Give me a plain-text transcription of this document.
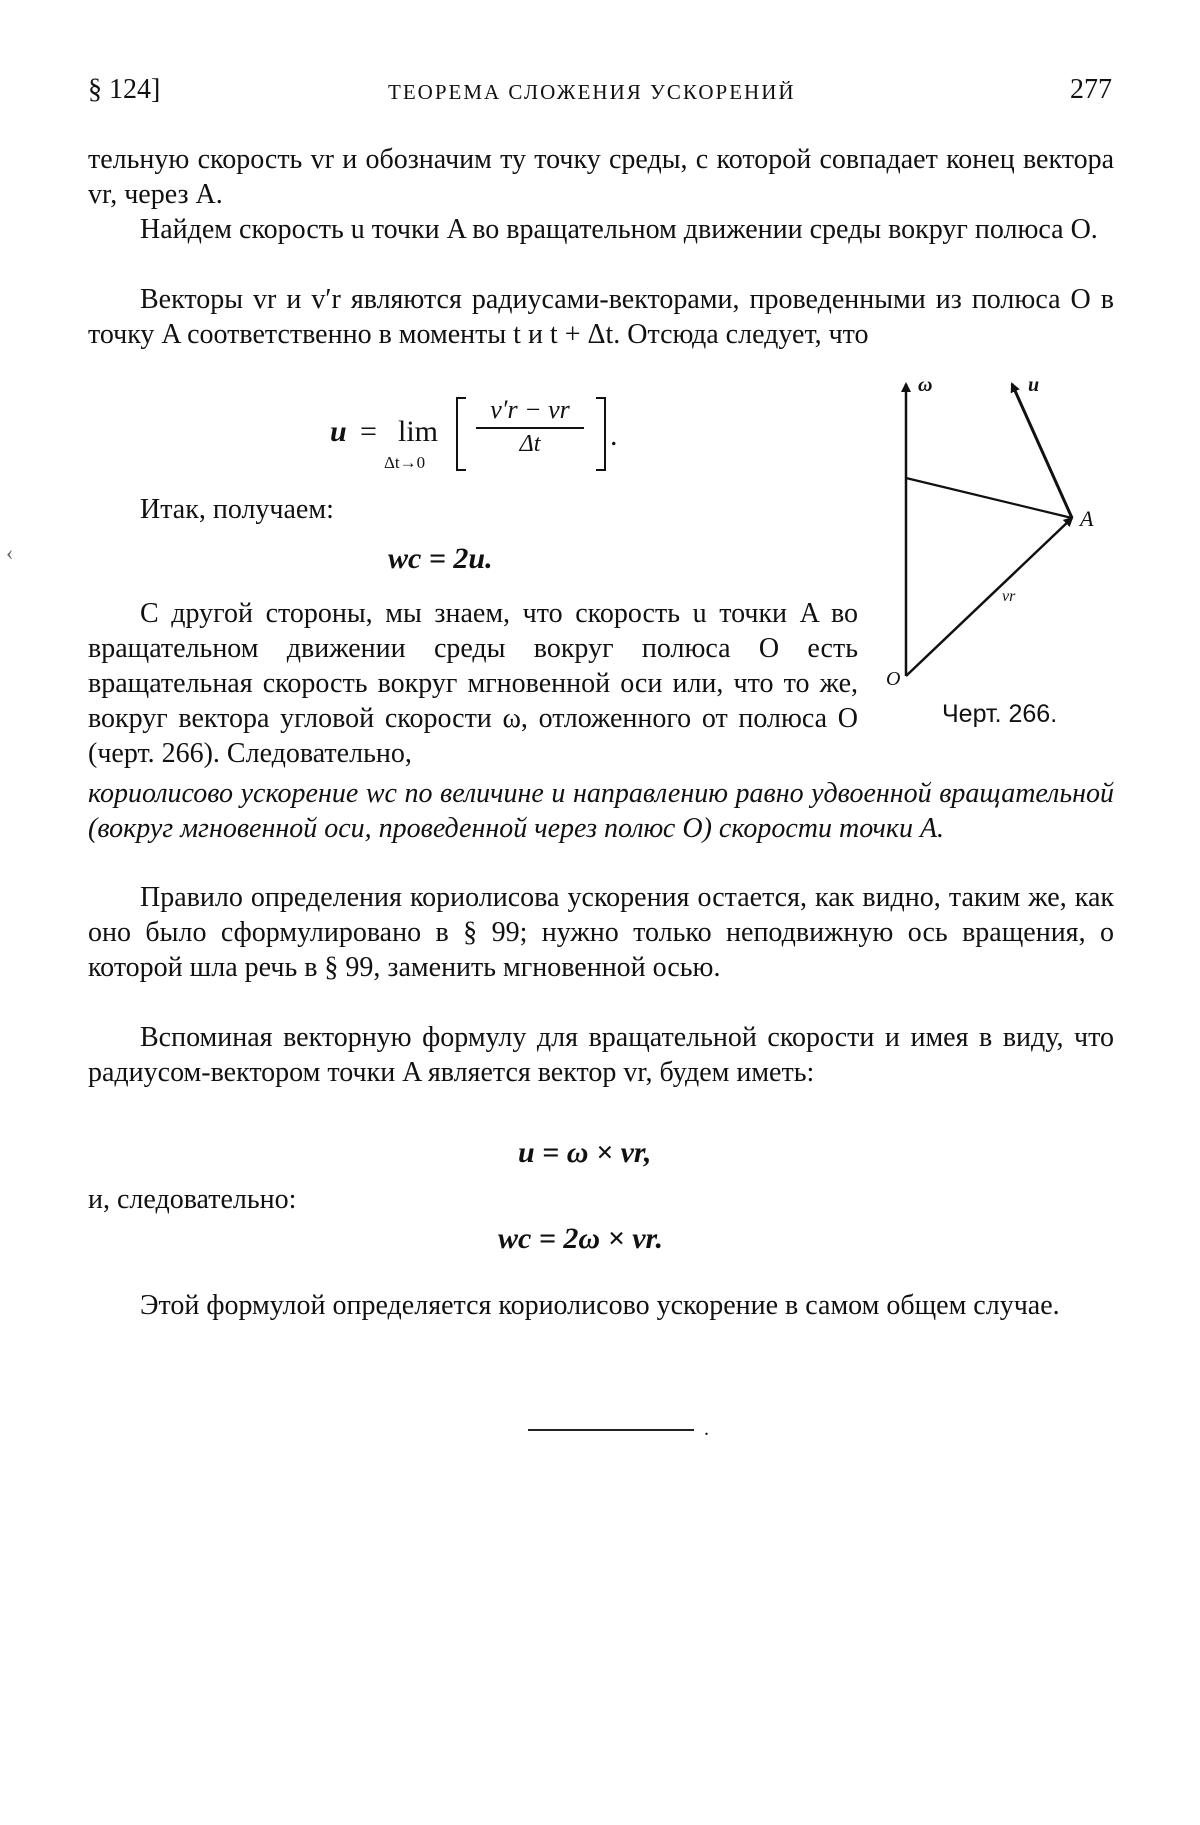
§ 124]	ТЕОРЕМА СЛОЖЕНИЯ УСКОРЕНИЙ	277

тельную скорость vr и обозначим ту точку среды, с которой совпадает конец вектора vr, через A.

Найдем скорость u точки A во вращательном движении среды вокруг полюса O.

Векторы vr и v′r являются радиусами-векторами, проведенными из полюса O в точку A соответственно в моменты t и t + Δt. Отсюда следует, что

u = lim
Δt→0
v′r − vr
Δt	.

Итак, получаем:

wc = 2u.
‹

С другой стороны, мы знаем, что скорость u точки A во вращательном движении среды вокруг полюса O есть вращательная скорость вокруг мгновенной оси или, что то же, вокруг вектора угловой скорости ω, отложенного от полюса O (черт. 266). Следовательно,

кориолисово ускорение wc по величине и направлению равно удвоенной вращательной (вокруг мгновенной оси, проведенной через полюс O) скорости точки A.

Правило определения кориолисова ускорения остается, как видно, таким же, как оно было сформулировано в § 99; нужно только неподвижную ось вращения, о которой шла речь в § 99, заменить мгновенной осью.

Вспоминая векторную формулу для вращательной скорости и имея в виду, что радиусом-вектором точки A является вектор vr, будем иметь:

u = ω × vr,

и, следовательно:

wc = 2ω × vr.

Этой формулой определяется кориолисово ускорение в самом общем случае.

.
ω	u
A
vr
O
Черт. 266.
